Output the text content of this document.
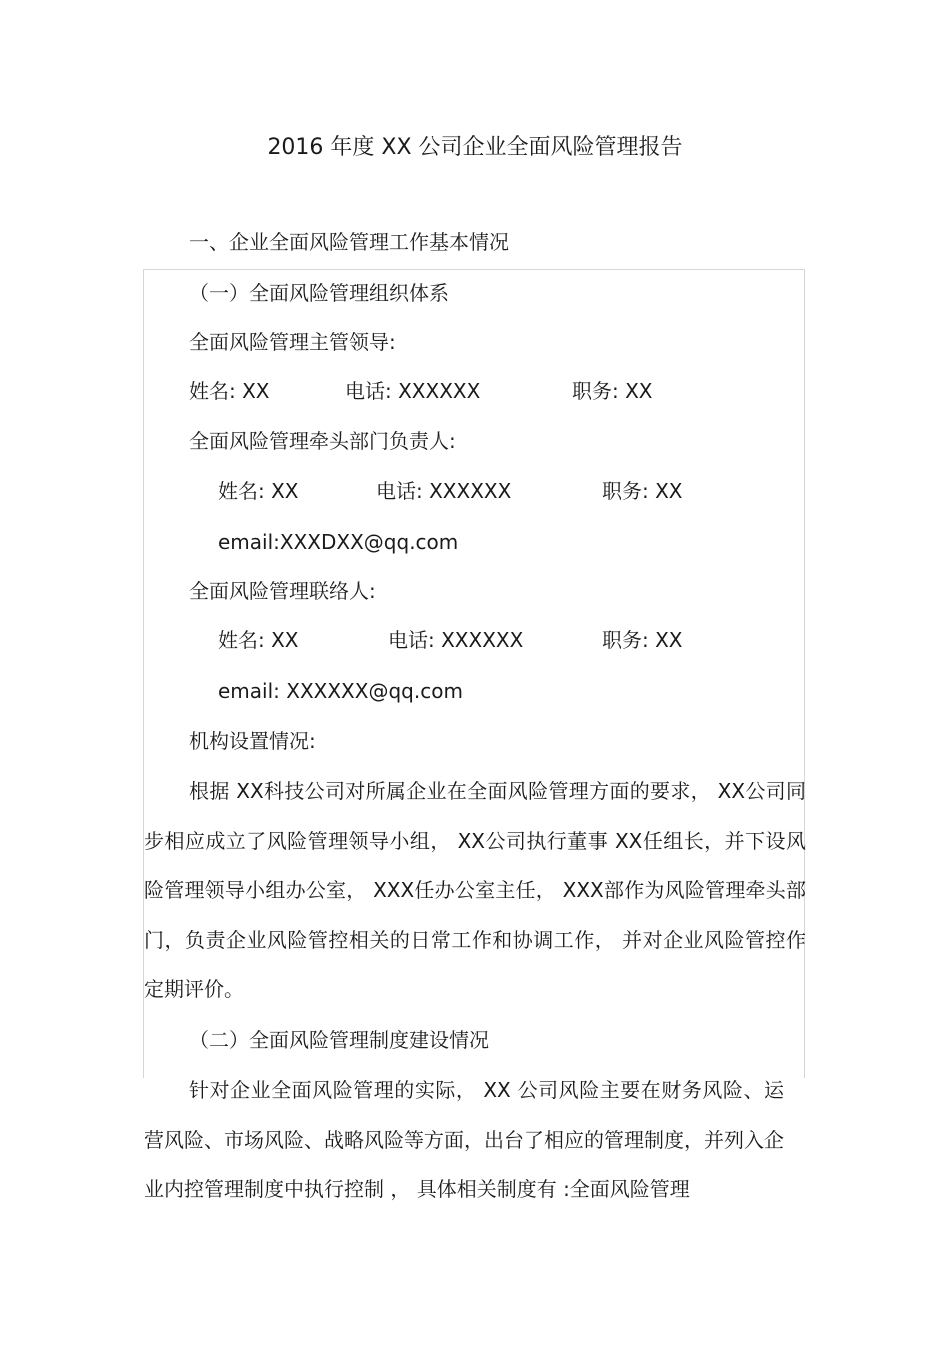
2016 年度 XX 公司企业全面风险管理报告
一、企业全面风险管理工作基本情况
（一）全面风险管理组织体系
全面风险管理主管领导:
姓名: XX	电话: XXXXXX	职务: XX
全面风险管理牵头部门负责人:
姓名: XX	电话: XXXXXX	职务: XX
email:XXXDXX@qq.com
全面风险管理联络人:
姓名: XX	电话: XXXXXX	职务: XX
email: XXXXXX@qq.com
机构设置情况:
根据 XX科技公司对所属企业在全面风险管理方面的要求， XX公司同步相应成立了风险管理领导小组， XX公司执行董事 XX任组长，并下设风险管理领导小组办公室， XXX任办公室主任， XXX部作为风险管理牵头部门，负责企业风险管控相关的日常工作和协调工作， 并对企业风险管控作定期评价。
（二）全面风险管理制度建设情况
针对企业全面风险管理的实际， XX 公司风险主要在财务风险、运营风险、市场风险、战略风险等方面，出台了相应的管理制度，并列入企业内控管理制度中执行控制 ， 具体相关制度有 :全面风险管理
